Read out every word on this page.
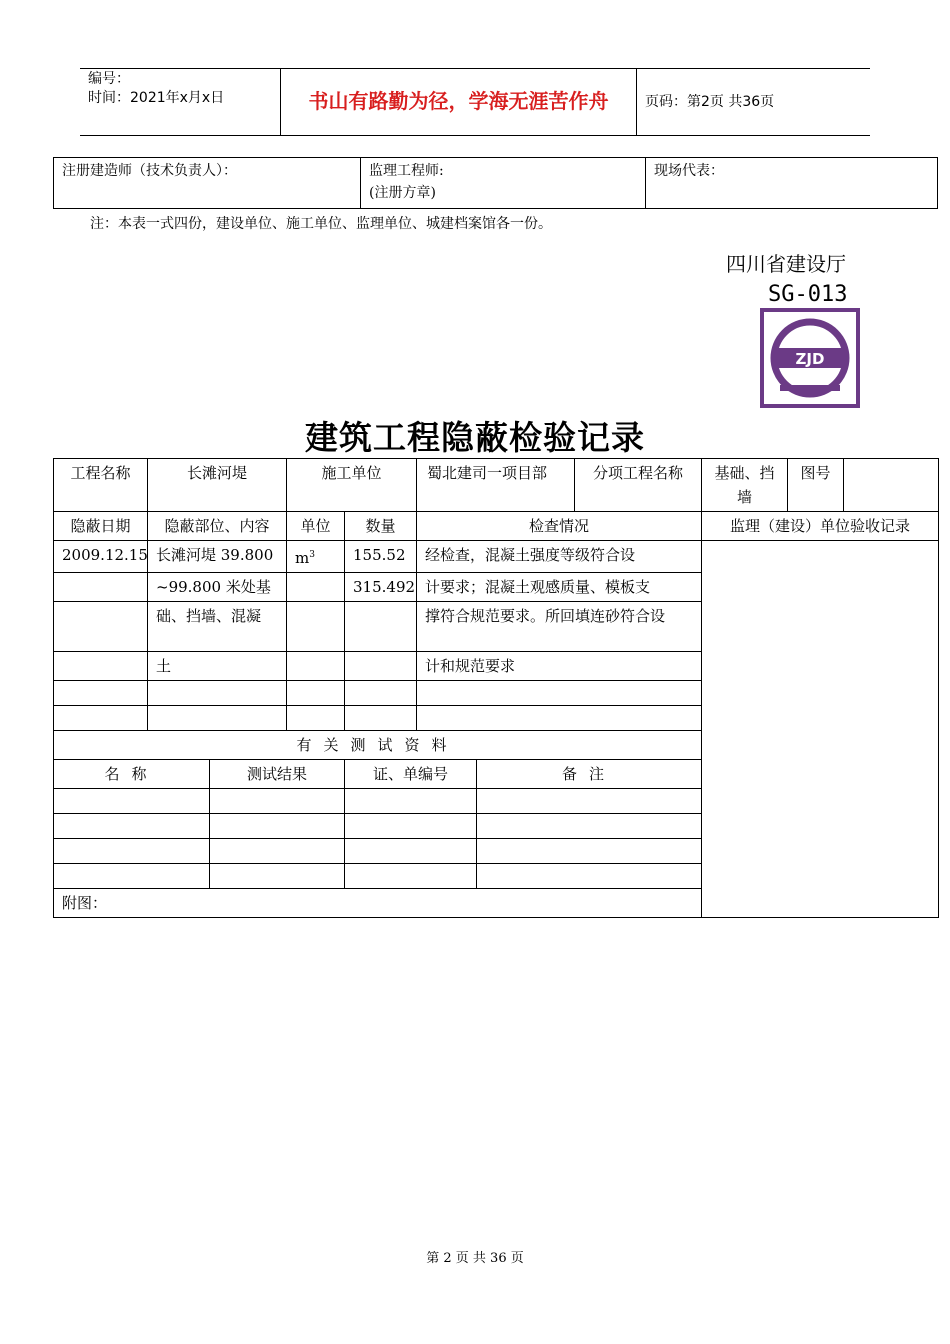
编号：
时间：2021年x月x日	书山有路勤为径，学海无涯苦作舟	页码：第2页 共36页
注册建造师（技术负责人）：	监理工程师:
(注册方章)
	现场代表：
注：本表一式四份，建设单位、施工单位、监理单位、城建档案馆各一份。
四川省建设厅
SG-013
ZJD
建筑工程隐蔽检验记录
工程名称	长滩河堤		施工单位		蜀北建司一项目部		分项工程名称	基础、挡墙	图号	
隐蔽日期	隐蔽部位、内容		单位	数量	检查情况			监理（建设）单位验收记录		
2009.12.15	长滩河堤 39.800		$m^3$	155.52	经检查，混凝土强度等级符合设					
	~99.800 米处基			315.492	计要求；混凝土观感质量、模板支					
	础、挡墙、混凝				撑符合规范要求。所回填连砂符合设					
	土				计和规范要求					

有关测试资料										
名称		测试结果		证、单编号		备注				

附图：										
第 2 页 共 36 页
